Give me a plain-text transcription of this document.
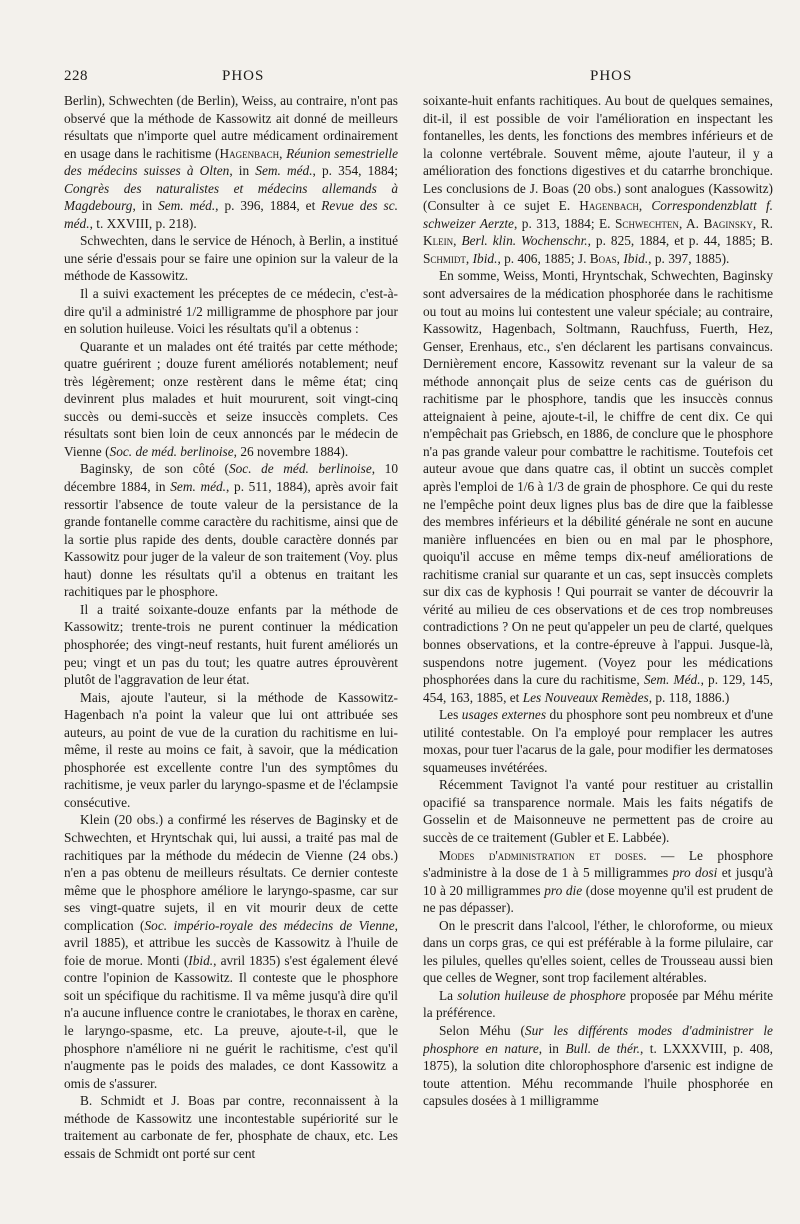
228	PHOS	PHOS

Berlin), Schwechten (de Berlin), Weiss, au contraire, n'ont pas observé que la méthode de Kassowitz ait donné de meilleurs résultats que n'importe quel autre médicament ordinairement en usage dans le rachitisme (Hagenbach, Réunion semestrielle des médecins suisses à Olten, in Sem. méd., p. 354, 1884; Congrès des naturalistes et médecins allemands à Magdebourg, in Sem. méd., p. 396, 1884, et Revue des sc. méd., t. XXVIII, p. 218).

Schwechten, dans le service de Hénoch, à Berlin, a institué une série d'essais pour se faire une opinion sur la valeur de la méthode de Kassowitz.

Il a suivi exactement les préceptes de ce médecin, c'est-à-dire qu'il a administré 1/2 milligramme de phosphore par jour en solution huileuse. Voici les résultats qu'il a obtenus :

Quarante et un malades ont été traités par cette méthode; quatre guérirent ; douze furent améliorés notablement; neuf très légèrement; onze restèrent dans le même état; cinq devinrent plus malades et huit moururent, soit vingt-cinq succès ou demi-succès et seize insuccès complets. Ces résultats sont bien loin de ceux annoncés par le médecin de Vienne (Soc. de méd. berlinoise, 26 novembre 1884).

Baginsky, de son côté (Soc. de méd. berlinoise, 10 décembre 1884, in Sem. méd., p. 511, 1884), après avoir fait ressortir l'absence de toute valeur de la persistance de la grande fontanelle comme caractère du rachitisme, ainsi que de la sortie plus rapide des dents, double caractère donnés par Kassowitz pour juger de la valeur de son traitement (Voy. plus haut) donne les résultats qu'il a obtenus en traitant les rachitiques par le phosphore.

Il a traité soixante-douze enfants par la méthode de Kassowitz; trente-trois ne purent continuer la médication phosphorée; des vingt-neuf restants, huit furent améliorés un peu; vingt et un pas du tout; les quatre autres éprouvèrent plutôt de l'aggravation de leur état.

Mais, ajoute l'auteur, si la méthode de Kassowitz-Hagenbach n'a point la valeur que lui ont attribuée ses auteurs, au point de vue de la curation du rachitisme en lui-même, il reste au moins ce fait, à savoir, que la médication phosphorée est excellente contre l'un des symptômes du rachitisme, je veux parler du laryngo-spasme et de l'éclampsie consécutive.

Klein (20 obs.) a confirmé les réserves de Baginsky et de Schwechten, et Hryntschak qui, lui aussi, a traité pas mal de rachitiques par la méthode du médecin de Vienne (24 obs.) n'en a pas obtenu de meilleurs résultats. Ce dernier conteste même que le phosphore améliore le laryngo-spasme, car sur ses vingt-quatre sujets, il en vit mourir deux de cette complication (Soc. império-royale des médecins de Vienne, avril 1885), et attribue les succès de Kassowitz à l'huile de foie de morue. Monti (Ibid., avril 1835) s'est également élevé contre l'opinion de Kassowitz. Il conteste que le phosphore soit un spécifique du rachitisme. Il va même jusqu'à dire qu'il n'a aucune influence contre le craniotabes, le thorax en carène, le laryngo-spasme, etc. La preuve, ajoute-t-il, que le phosphore n'améliore ni ne guérit le rachitisme, c'est qu'il n'augmente pas le poids des malades, ce dont Kassowitz a omis de s'assurer.

B. Schmidt et J. Boas par contre, reconnaissent à la méthode de Kassowitz une incontestable supériorité sur le traitement au carbonate de fer, phosphate de chaux, etc. Les essais de Schmidt ont porté sur cent

soixante-huit enfants rachitiques. Au bout de quelques semaines, dit-il, il est possible de voir l'amélioration en inspectant les fontanelles, les dents, les fonctions des membres inférieurs et de la colonne vertébrale. Souvent même, ajoute l'auteur, il y a amélioration des fonctions digestives et du catarrhe bronchique. Les conclusions de J. Boas (20 obs.) sont analogues (Kassowitz) (Consulter à ce sujet E. Hagenbach, Correspondenzblatt f. schweizer Aerzte, p. 313, 1884; E. Schwechten, A. Baginsky, R. Klein, Berl. klin. Wochenschr., p. 825, 1884, et p. 44, 1885; B. Schmidt, Ibid., p. 406, 1885; J. Boas, Ibid., p. 397, 1885).

En somme, Weiss, Monti, Hryntschak, Schwechten, Baginsky sont adversaires de la médication phosphorée dans le rachitisme ou tout au moins lui contestent une valeur spéciale; au contraire, Kassowitz, Hagenbach, Soltmann, Rauchfuss, Fuerth, Hez, Genser, Erenhaus, etc., s'en déclarent les partisans convaincus. Dernièrement encore, Kassowitz revenant sur la valeur de sa méthode annonçait plus de seize cents cas de guérison du rachitisme par le phosphore, tandis que les insuccès connus atteignaient à peine, ajoute-t-il, le chiffre de cent dix. Ce qui n'empêchait pas Griebsch, en 1886, de conclure que le phosphore n'a pas grande valeur pour combattre le rachitisme. Toutefois cet auteur avoue que dans quatre cas, il obtint un succès complet après l'emploi de 1/6 à 1/3 de grain de phosphore. Ce qui du reste ne l'empêche point deux lignes plus bas de dire que la faiblesse des membres inférieurs et la débilité générale ne sont en aucune manière influencées en bien ou en mal par le phosphore, quoiqu'il accuse en même temps dix-neuf améliorations de rachitisme cranial sur quarante et un cas, sept insuccès complets sur dix cas de kyphosis ! Qui pourrait se vanter de découvrir la vérité au milieu de ces observations et de ces trop nombreuses contradictions ? On ne peut qu'appeler un peu de clarté, quelques bonnes observations, et la contre-épreuve à l'appui. Jusque-là, suspendons notre jugement. (Voyez pour les médications phosphorées dans la cure du rachitisme, Sem. Méd., p. 129, 145, 454, 163, 1885, et Les Nouveaux Remèdes, p. 118, 1886.)

Les usages externes du phosphore sont peu nombreux et d'une utilité contestable. On l'a employé pour remplacer les autres moxas, pour tuer l'acarus de la gale, pour modifier les dermatoses squameuses invétérées.

Récemment Tavignot l'a vanté pour restituer au cristallin opacifié sa transparence normale. Mais les faits négatifs de Gosselin et de Maisonneuve ne permettent pas de croire au succès de ce traitement (Gubler et E. Labbée).

Modes d'administration et doses. — Le phosphore s'administre à la dose de 1 à 5 milligrammes pro dosi et jusqu'à 10 à 20 milligrammes pro die (dose moyenne qu'il est prudent de ne pas dépasser).

On le prescrit dans l'alcool, l'éther, le chloroforme, ou mieux dans un corps gras, ce qui est préférable à la forme pilulaire, car les pilules, quelles qu'elles soient, celles de Trousseau aussi bien que celles de Wegner, sont trop facilement altérables.

La solution huileuse de phosphore proposée par Méhu mérite la préférence.

Selon Méhu (Sur les différents modes d'administrer le phosphore en nature, in Bull. de thér., t. LXXXVIII, p. 408, 1875), la solution dite chlorophosphore d'arsenic est indigne de toute attention. Méhu recommande l'huile phosphorée en capsules dosées à 1 milligramme
